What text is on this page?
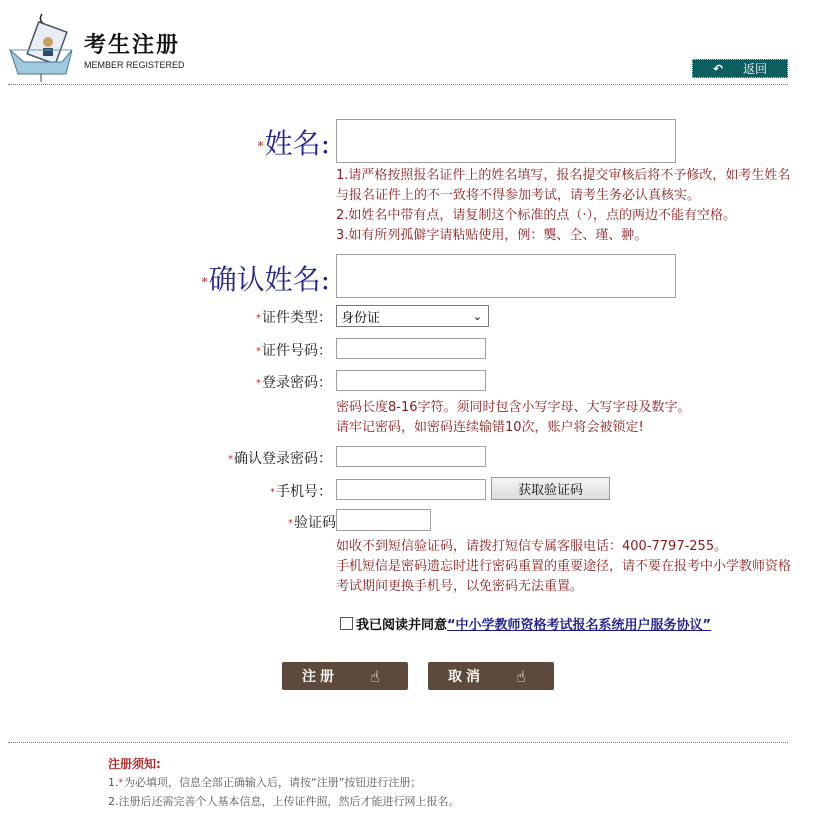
考生注册
MEMBER REGISTERED	↶ 返回
*姓名:
1.请严格按照报名证件上的姓名填写，报名提交审核后将不予修改，如考生姓名
与报名证件上的不一致将不得参加考试，请考生务必认真核实。
2.如姓名中带有点，请复制这个标准的点（·），点的两边不能有空格。
3.如有所列孤僻字请粘贴使用，例：龑、仝、瑾、翀。
*确认姓名:
*证件类型： 身份证	⌄
*证件号码：
*登录密码：
密码长度8-16字符。须同时包含小写字母、大写字母及数字。
请牢记密码，如密码连续输错10次，账户将会被锁定!
*确认登录密码：
*手机号：	获取验证码
*验证码
如收不到短信验证码，请拨打短信专属客服电话：400-7797-255。
手机短信是密码遗忘时进行密码重置的重要途径，请不要在报考中小学教师资格
考试期间更换手机号，以免密码无法重置。
我已阅读并同意 “中小学教师资格考试报名系统用户服务协议”
注册 ☝	取消 ☝
注册须知:
1.*为必填项，信息全部正确输入后，请按“注册”按钮进行注册；
2.注册后还需完善个人基本信息，上传证件照，然后才能进行网上报名。
